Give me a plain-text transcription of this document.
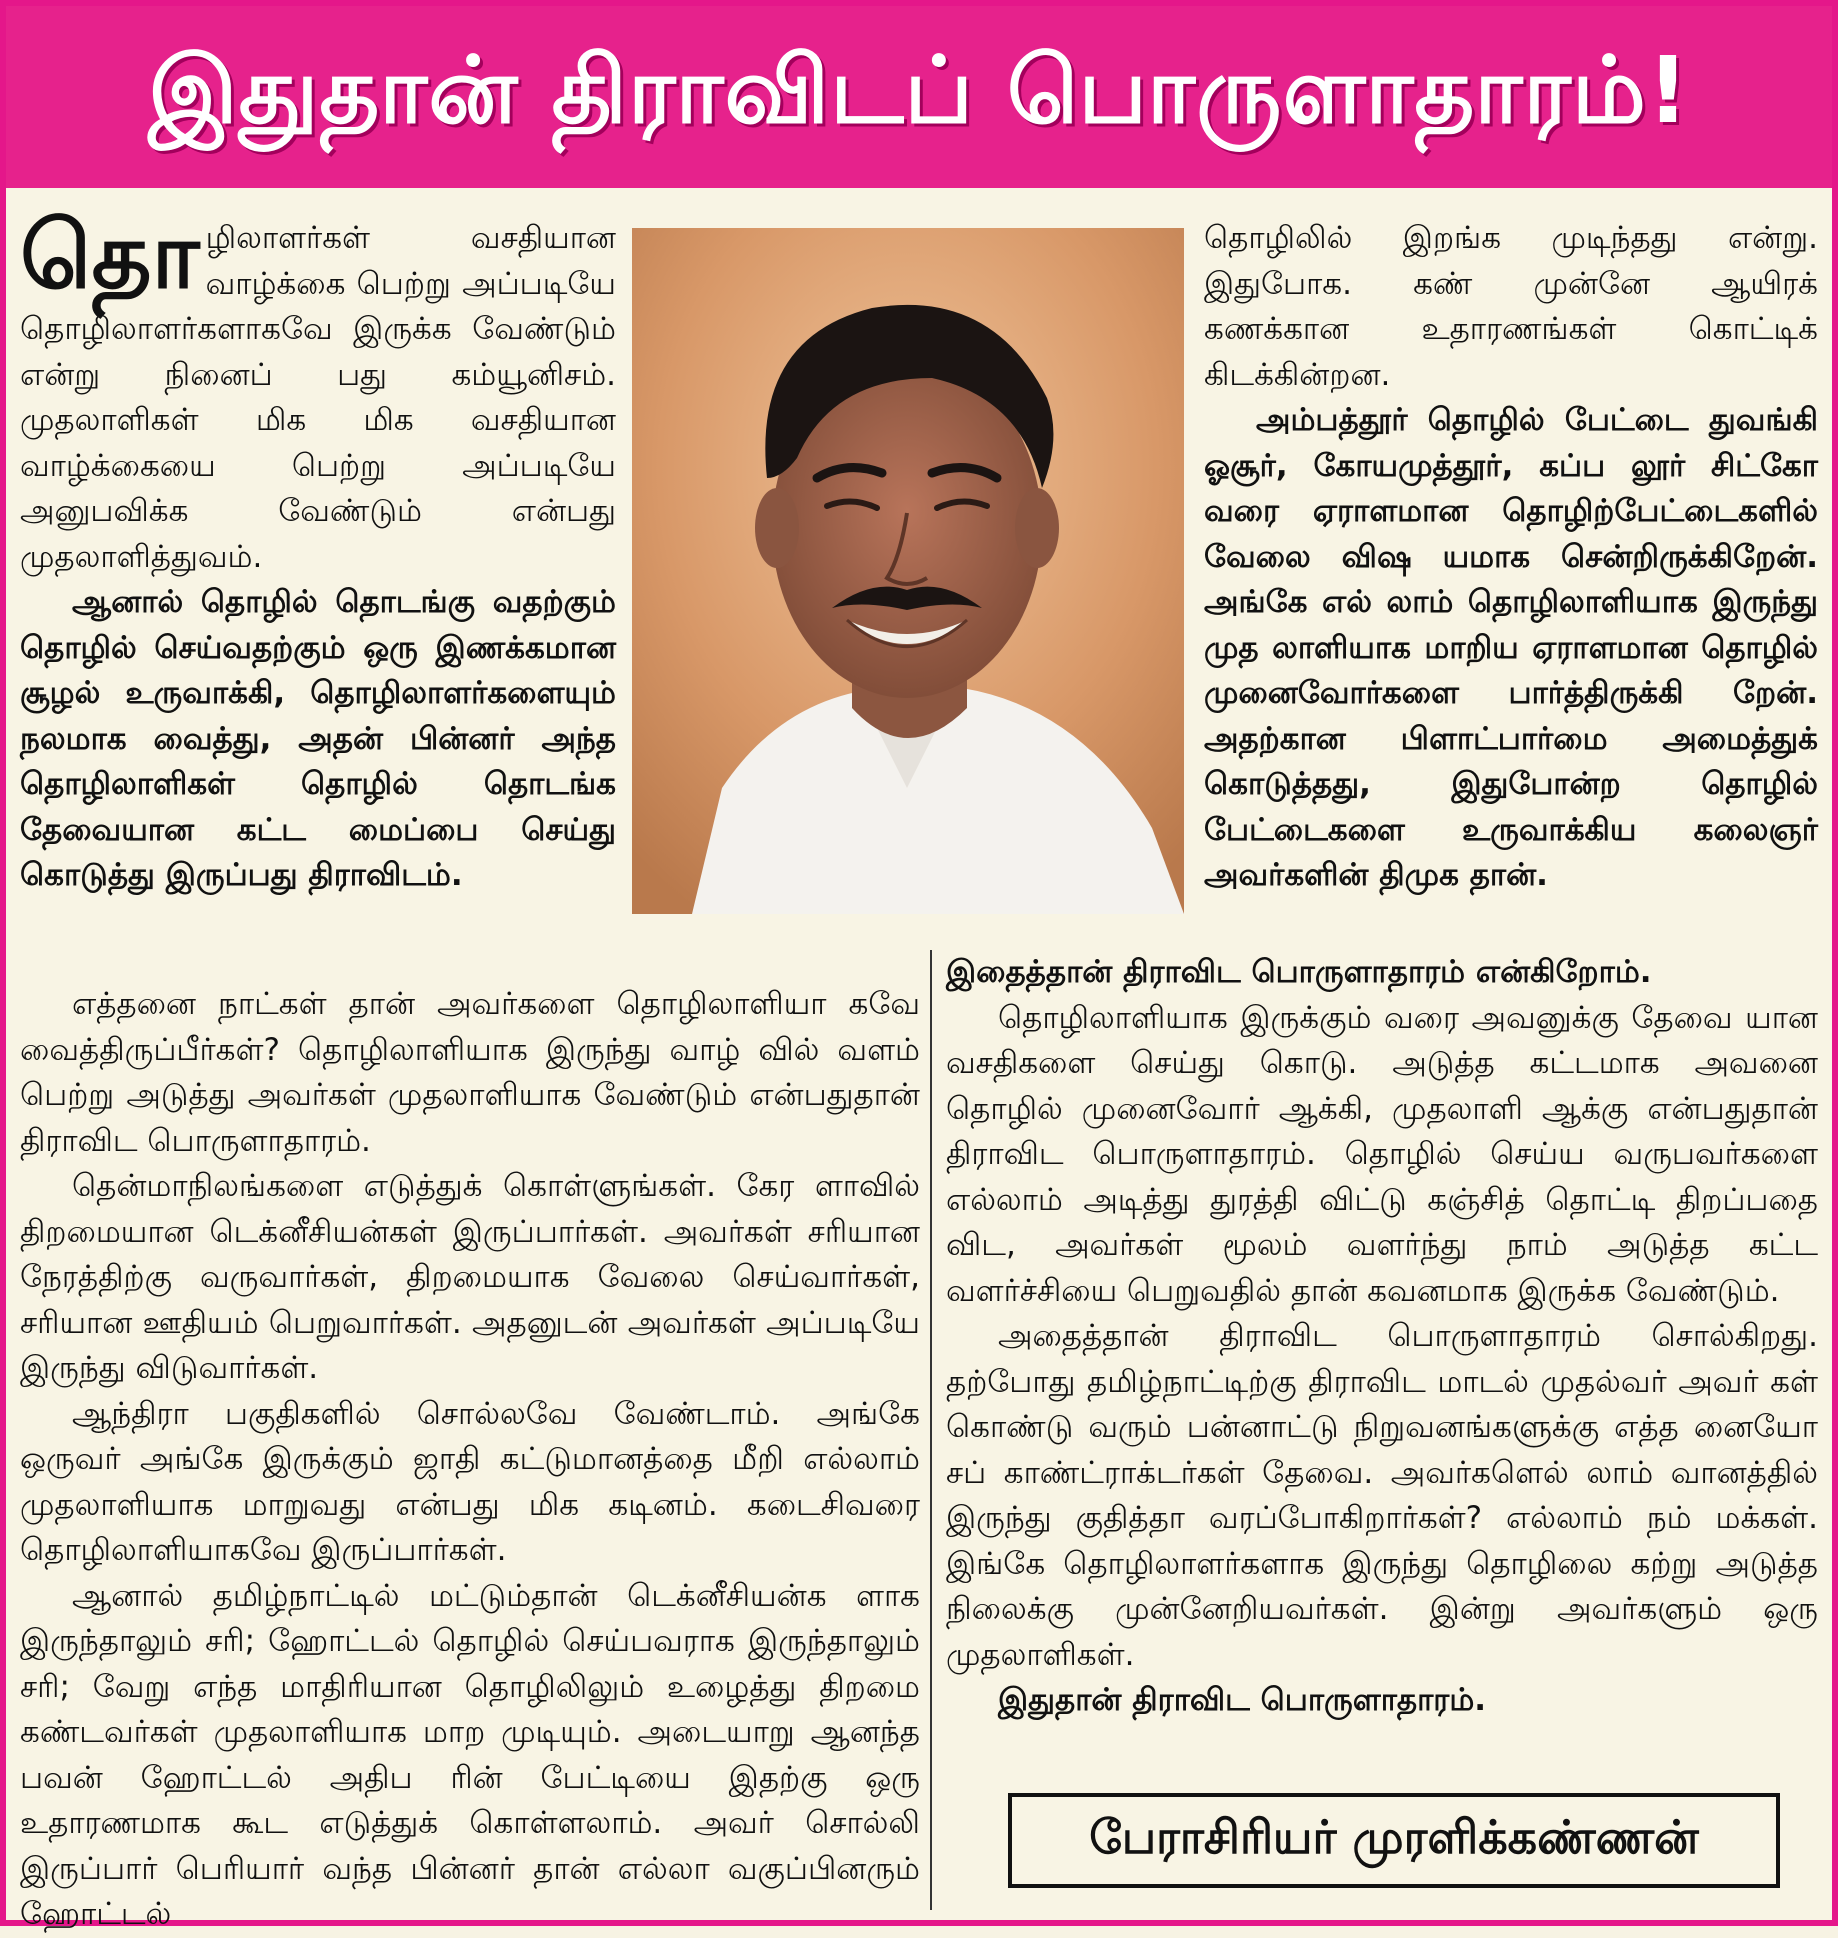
இதுதான் திராவிடப் பொருளாதாரம்!

தொழிலாளர்கள் வசதியான வாழ்க்கை பெற்று அப்படியே தொழிலாளர்களாகவே இருக்க வேண்டும் என்று நினைப் பது கம்யூனிசம். முதலாளிகள் மிக மிக வசதியான வாழ்க்கையை பெற்று அப்படியே அனுபவிக்க வேண்டும் என்பது முதலாளித்துவம்.

ஆனால் தொழில் தொடங்கு வதற்கும் தொழில் செய்வதற்கும் ஒரு இணக்கமான சூழல் உருவாக்கி, தொழிலாளர்களையும் நலமாக வைத்து, அதன் பின்னர் அந்த தொழிலாளிகள் தொழில் தொடங்க தேவையான கட்ட மைப்பை செய்து கொடுத்து இருப்பது திராவிடம்.

தொழிலில் இறங்க முடிந்தது என்று. இதுபோக. கண் முன்னே ஆயிரக் கணக்கான உதாரணங்கள் கொட்டிக் கிடக்கின்றன.

அம்பத்தூர் தொழில் பேட்டை துவங்கி ஓசூர், கோயமுத்தூர், கப்ப லூர் சிட்கோ வரை ஏராளமான தொழிற்பேட்டைகளில் வேலை விஷ யமாக சென்றிருக்கிறேன். அங்கே எல் லாம் தொழிலாளியாக இருந்து முத லாளியாக மாறிய ஏராளமான தொழில் முனைவோர்களை பார்த்திருக்கி றேன். அதற்கான பிளாட்பார்மை அமைத்துக் கொடுத்தது, இதுபோன்ற தொழில் பேட்டைகளை உருவாக்கிய கலைஞர் அவர்களின் திமுக தான்.

எத்தனை நாட்கள் தான் அவர்களை தொழிலாளியா கவே வைத்திருப்பீர்கள்? தொழிலாளியாக இருந்து வாழ் வில் வளம் பெற்று அடுத்து அவர்கள் முதலாளியாக வேண்டும் என்பதுதான் திராவிட பொருளாதாரம்.

தென்மாநிலங்களை எடுத்துக் கொள்ளுங்கள். கேர ளாவில் திறமையான டெக்னீசியன்கள் இருப்பார்கள். அவர்கள் சரியான நேரத்திற்கு வருவார்கள், திறமையாக வேலை செய்வார்கள், சரியான ஊதியம் பெறுவார்கள். அதனுடன் அவர்கள் அப்படியே இருந்து விடுவார்கள்.

ஆந்திரா பகுதிகளில் சொல்லவே வேண்டாம். அங்கே ஒருவர் அங்கே இருக்கும் ஜாதி கட்டுமானத்தை மீறி எல்லாம் முதலாளியாக மாறுவது என்பது மிக கடினம். கடைசிவரை தொழிலாளியாகவே இருப்பார்கள்.

ஆனால் தமிழ்நாட்டில் மட்டும்தான் டெக்னீசியன்க ளாக இருந்தாலும் சரி; ஹோட்டல் தொழில் செய்பவராக இருந்தாலும் சரி; வேறு எந்த மாதிரியான தொழிலிலும் உழைத்து திறமை கண்டவர்கள் முதலாளியாக மாற முடியும். அடையாறு ஆனந்த பவன் ஹோட்டல் அதிப ரின் பேட்டியை இதற்கு ஒரு உதாரணமாக கூட எடுத்துக் கொள்ளலாம். அவர் சொல்லி இருப்பார் பெரியார் வந்த பின்னர் தான் எல்லா வகுப்பினரும் ஹோட்டல்

இதைத்தான் திராவிட பொருளாதாரம் என்கிறோம்.

தொழிலாளியாக இருக்கும் வரை அவனுக்கு தேவை யான வசதிகளை செய்து கொடு. அடுத்த கட்டமாக அவனை தொழில் முனைவோர் ஆக்கி, முதலாளி ஆக்கு என்பதுதான் திராவிட பொருளாதாரம். தொழில் செய்ய வருபவர்களை எல்லாம் அடித்து துரத்தி விட்டு கஞ்சித் தொட்டி திறப்பதை விட, அவர்கள் மூலம் வளர்ந்து நாம் அடுத்த கட்ட வளர்ச்சியை பெறுவதில் தான் கவனமாக இருக்க வேண்டும்.

அதைத்தான் திராவிட பொருளாதாரம் சொல்கிறது. தற்போது தமிழ்நாட்டிற்கு திராவிட மாடல் முதல்வர் அவர் கள் கொண்டு வரும் பன்னாட்டு நிறுவனங்களுக்கு எத்த னையோ சப் காண்ட்ராக்டர்கள் தேவை. அவர்களெல் லாம் வானத்தில் இருந்து குதித்தா வரப்போகிறார்கள்? எல்லாம் நம் மக்கள். இங்கே தொழிலாளர்களாக இருந்து தொழிலை கற்று அடுத்த நிலைக்கு முன்னேறியவர்கள். இன்று அவர்களும் ஒரு முதலாளிகள்.

இதுதான் திராவிட பொருளாதாரம்.

பேராசிரியர் முரளிக்கண்ணன்
